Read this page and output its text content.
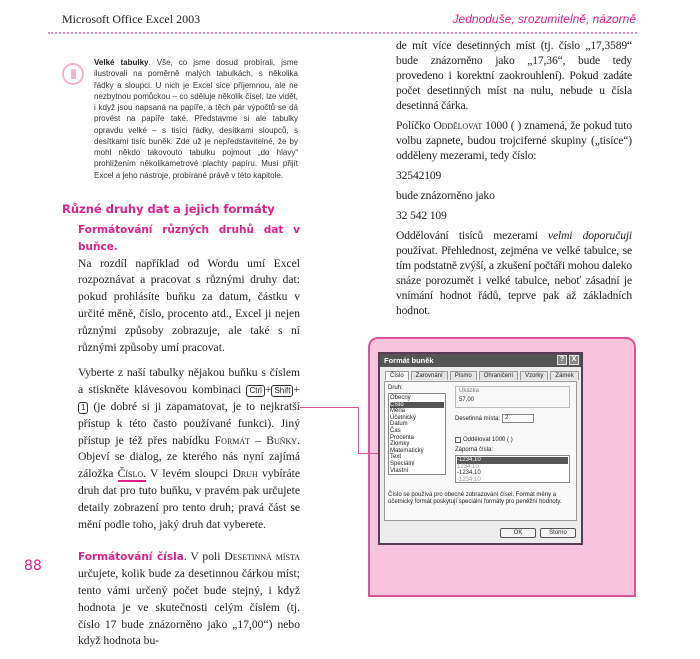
Microsoft Office Excel 2003	Jednoduše, srozumitelně, názorně
Velké tabulky. Vše, co jsme dosud probírali, jsme ilustrovali na poměrně malých tabulkách, s několika řádky a sloupci. U nich je Excel sice příjemnou, ale ne nezbytnou pomůckou – co sděluje několik čísel, lze vidět, i když jsou napsaná na papíře, a těch pár výpočtů se dá provést na papíře také. Představme si ale tabulky opravdu velké – s tisíci řádky, desítkami sloupců, s desítkami tisíc buněk. Zde už je nepředstavitelné, že by mohl někdo takovouto tabulku pojmout „do hlavy“ prohlížením několikametrové plachty papíru. Musí přijít Excel a jeho nástroje, probírané právě v této kapitole.
Různé druhy dat a jejich formáty
Formátování různých druhů dat v buňce.

Na rozdíl například od Wordu umí Excel rozpoznávat a pracovat s různými druhy dat: pokud prohlásíte buňku za datum, částku v určité měně, číslo, procento atd., Excel ji nejen různými způsoby zobrazuje, ale také s ní různými způsoby umí pracovat.

Vyberte z naší tabulky nějakou buňku s číslem a stiskněte klávesovou kombinaci Ctrl + Shift +1 (je dobré si ji zapamatovat, je to nejkratší přístup k této často používané funkci). Jiný přístup je též přes nabídku Formát – Buňky. Objeví se dialog, ze kterého nás nyní zajímá záložka Číslo. V levém sloupci Druh vybíráte druh dat pro tuto buňku, v pravém pak určujete detaily zobrazení pro tento druh; pravá část se mění podle toho, jaký druh dat vyberete.

Formátování čísla. V poli Desetinná místa určujete, kolik bude za desetinnou čárkou míst; tento vámi určený počet bude stejný, i když hodnota je ve skutečnosti celým číslem (tj. číslo 17 bude znázorněno jako „17,00“) nebo když hodnota bu-

de mít více desetinných míst (tj. číslo „17,3589“ bude znázorněno jako „17,36“, bude tedy provedeno i korektní zaokrouhlení). Pokud zadáte počet desetinných míst na nulu, nebude u čísla desetinná čárka.

Políčko Oddělovat 1000 ( ) znamená, že pokud tuto volbu zapnete, budou trojciferné skupiny („tisíce“) odděleny mezerami, tedy číslo:

32542109

bude znázorněno jako

32 542 109

Oddělování tisíců mezerami velmi doporučuji používat. Přehlednost, zejména ve velké tabulce, se tím podstatně zvýší, a zkušení počtáři mohou daleko snáze porozumět i velké tabulce, neboť zásadní je vnímání hodnot řádů, teprve pak až základních hodnot.

88
Formát buněk	?	X
Číslo	Zarovnání	Písmo	Ohraničení	Vzorky	Zámek
Druh:
Obecný
Číslo
Měna
Účetnický
Datum
Čas
Procenta
Zlomky
Matematický
Text
Speciální
Vlastní
Ukázka
57,00
Desetinná místa: 2
Oddělovat 1000 ( )
Záporná čísla:
-1234,10
1234,10
-1234,10
-1234,10
Číslo se používá pro obecné zobrazování čísel. Formát měny a účetnický formát poskytují speciální formáty pro peněžní hodnoty.
OK	Storno
